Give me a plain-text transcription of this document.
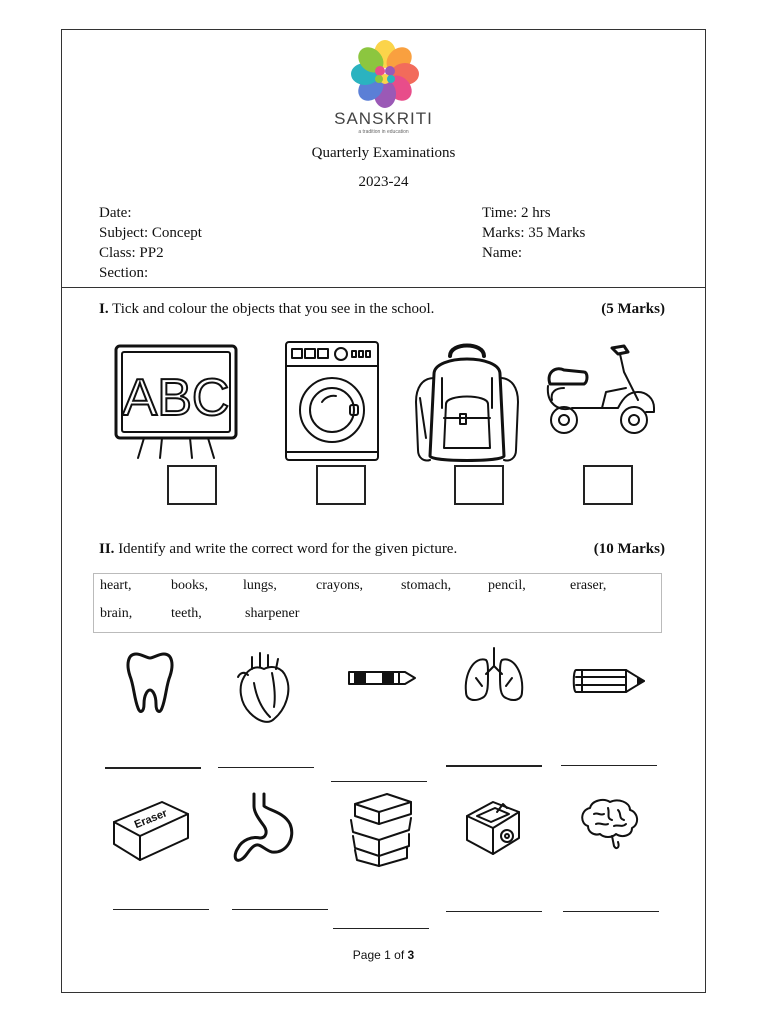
SANSKRITI
a tradition in education
Quarterly Examinations
2023-24
Date:
Subject: Concept
Class: PP2
Section:
Time: 2 hrs
Marks: 35 Marks
Name:
I. Tick and colour the objects that you see in the school.	(5 Marks)
ABC
II. Identify and write the correct word for the given picture.	(10 Marks)
heart,	books,	lungs,	crayons,	stomach,	pencil,	eraser,
brain,	teeth,	sharpener
Eraser
Page 1 of 3
